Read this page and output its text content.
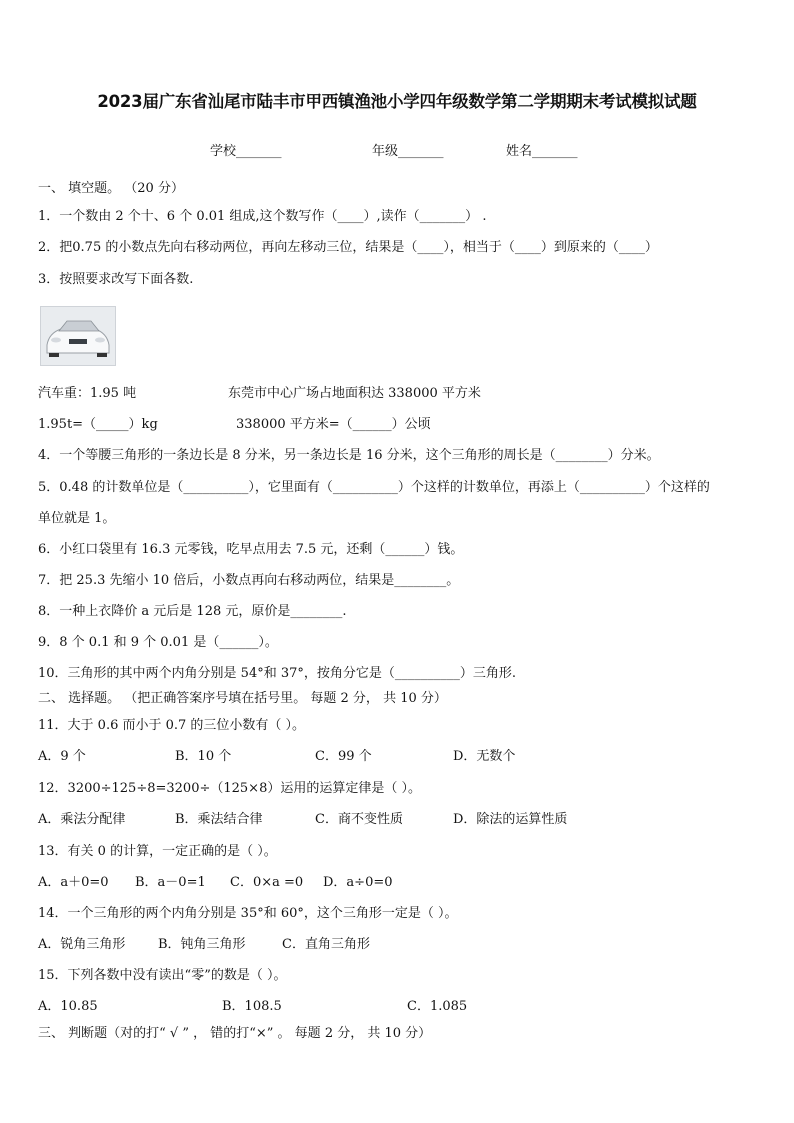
2023届广东省汕尾市陆丰市甲西镇渔池小学四年级数学第二学期期末考试模拟试题
学校_______	年级_______	姓名_______
一、 填空题。 （20 分）
1．一个数由 2 个十、6 个 0.01 组成,这个数写作（____）,读作（_______） .
2．把0.75 的小数点先向右移动两位，再向左移动三位，结果是（____），相当于（____）到原来的（____）
3．按照要求改写下面各数.
汽车重：1.95 吨	东莞市中心广场占地面积达 338000 平方米
1.95t=（_____）kg	338000 平方米=（______）公顷
4．一个等腰三角形的一条边长是 8 分米，另一条边长是 16 分米，这个三角形的周长是（________）分米。
5．0.48 的计数单位是（__________），它里面有（__________）个这样的计数单位，再添上（__________）个这样的
单位就是 1。
6．小红口袋里有 16.3 元零钱，吃早点用去 7.5 元，还剩（______）钱。
7．把 25.3 先缩小 10 倍后，小数点再向右移动两位，结果是________。
8．一种上衣降价 a 元后是 128 元，原价是________.
9．8 个 0.1 和 9 个 0.01 是（______）。
10．三角形的其中两个内角分别是 54°和 37°，按角分它是（__________）三角形.
二、 选择题。 （把正确答案序号填在括号里。 每题 2 分， 共 10 分）
11．大于 0.6 而小于 0.7 的三位小数有（ ）。
A．9 个	B．10 个	C．99 个	D．无数个
12．3200÷125÷8=3200÷（125×8）运用的运算定律是（ ）。
A．乘法分配律	B．乘法结合律	C．商不变性质	D．除法的运算性质
13．有关 0 的计算，一定正确的是（ ）。
A．a＋0=0 B．a－0=1 C．0×a =0 D．a÷0=0
14．一个三角形的两个内角分别是 35°和 60°，这个三角形一定是（ ）。
A．锐角三角形	B．钝角三角形	C．直角三角形
15．下列各数中没有读出“零”的数是（ ）。
A．10.85	B．108.5	C．1.085
三、 判断题（对的打“ √ ” ， 错的打“×” 。 每题 2 分， 共 10 分）
